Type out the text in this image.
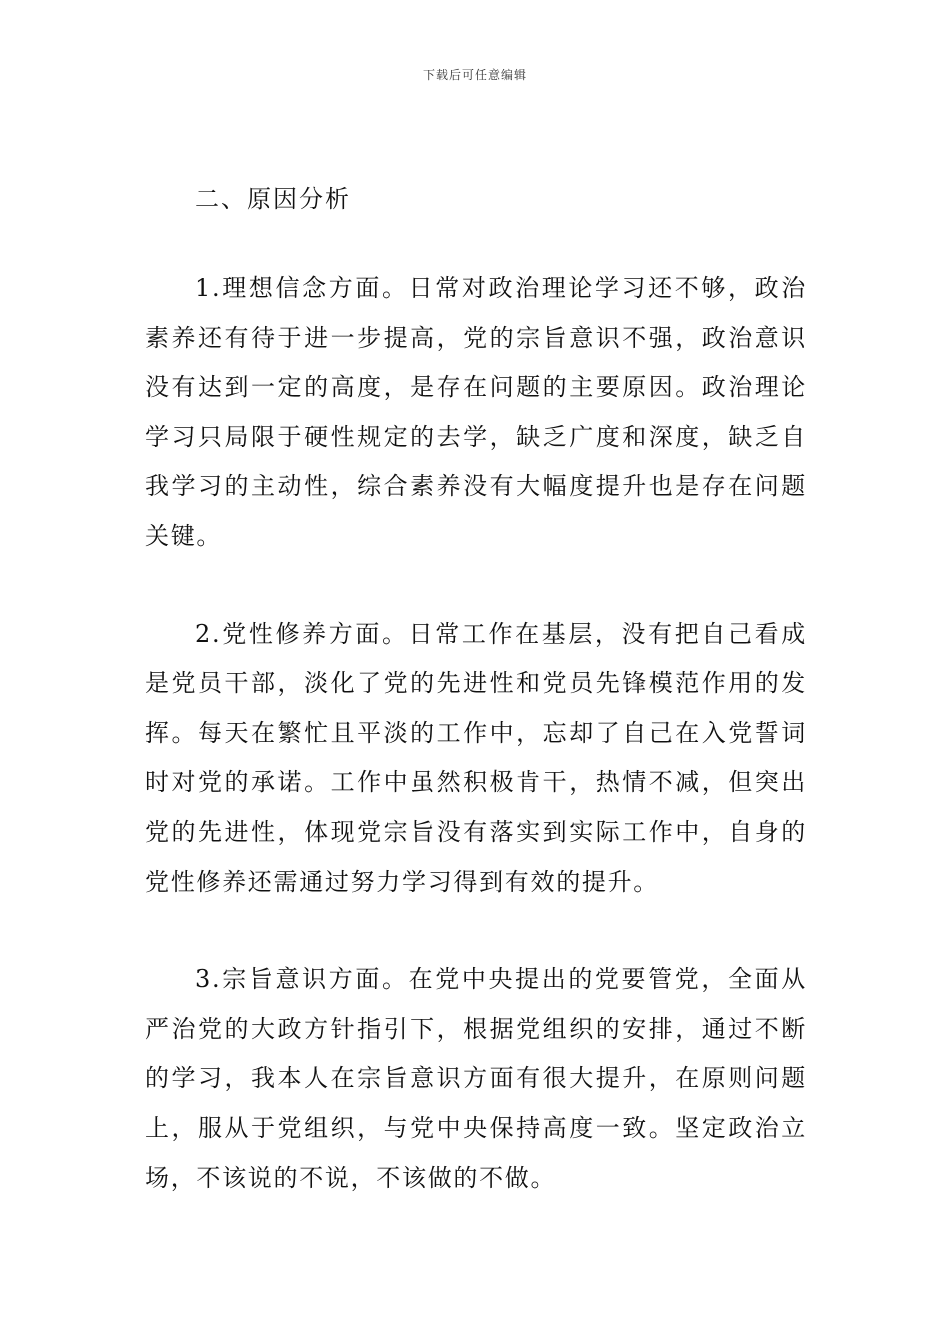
下载后可任意编辑
二、原因分析

1.理想信念方面。日常对政治理论学习还不够，政治素养还有待于进一步提高，党的宗旨意识不强，政治意识没有达到一定的高度，是存在问题的主要原因。政治理论学习只局限于硬性规定的去学，缺乏广度和深度，缺乏自我学习的主动性，综合素养没有大幅度提升也是存在问题关键。

2.党性修养方面。日常工作在基层，没有把自己看成是党员干部，淡化了党的先进性和党员先锋模范作用的发挥。每天在繁忙且平淡的工作中，忘却了自己在入党誓词时对党的承诺。工作中虽然积极肯干，热情不减，但突出党的先进性，体现党宗旨没有落实到实际工作中，自身的党性修养还需通过努力学习得到有效的提升。

3.宗旨意识方面。在党中央提出的党要管党，全面从严治党的大政方针指引下，根据党组织的安排，通过不断的学习，我本人在宗旨意识方面有很大提升，在原则问题上，服从于党组织，与党中央保持高度一致。坚定政治立场，不该说的不说，不该做的不做。
